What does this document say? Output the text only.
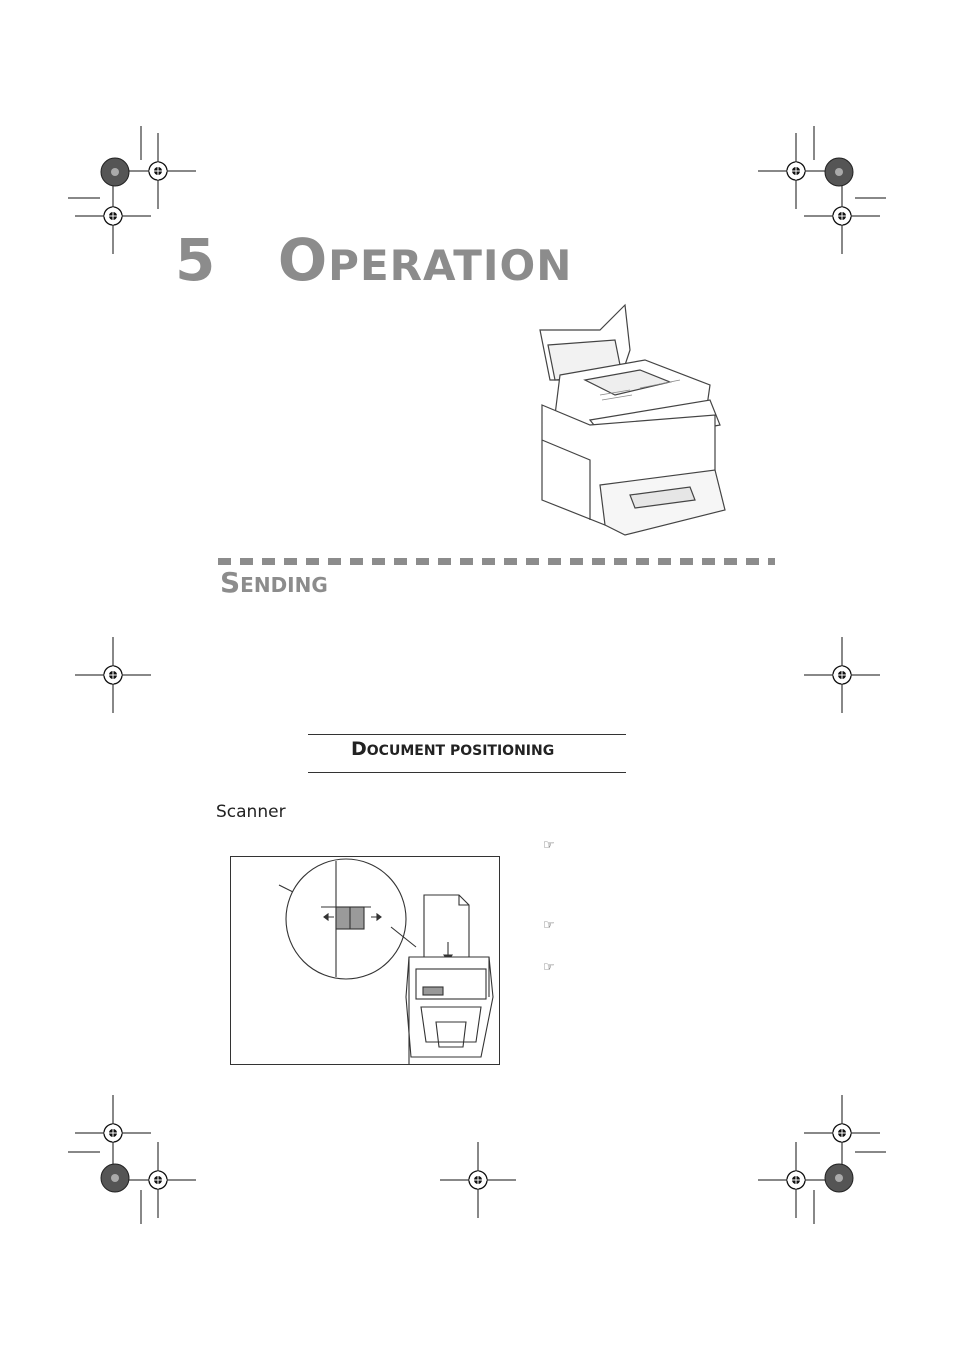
5 OPERATION
SENDING
DOCUMENT POSITIONING
Scanner
☞
☞
☞
